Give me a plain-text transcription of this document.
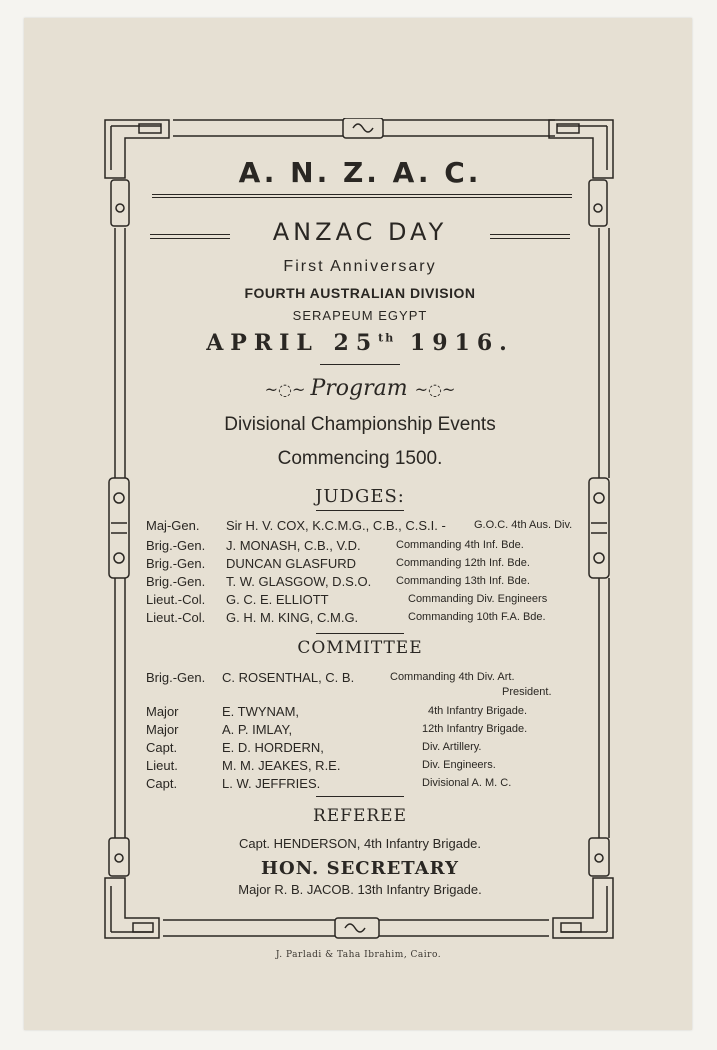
A. N. Z. A. C.
ANZAC DAY
First Anniversary
FOURTH AUSTRALIAN DIVISION
SERAPEUM EGYPT
APRIL 25th 1916.
~◌~ Program ~◌~
Divisional Championship Events
Commencing 1500.
JUDGES:
Maj-Gen. Sir H. V. COX, K.C.M.G., C.B., C.S.I. -	G.O.C. 4th Aus. Div.
Brig.-Gen. J. MONASH, C.B., V.D.	Commanding 4th Inf. Bde.
Brig.-Gen. DUNCAN GLASFURD	Commanding 12th Inf. Bde.
Brig.-Gen. T. W. GLASGOW, D.S.O. Commanding 13th Inf. Bde.
Lieut.-Col. G. C. E. ELLIOTT	Commanding Div. Engineers
Lieut.-Col. G. H. M. KING, C.M.G.	Commanding 10th F.A. Bde.
COMMITTEE
Brig.-Gen. C. ROSENTHAL, C. B.	Commanding 4th Div. Art.
President.
Major	E. TWYNAM,	4th Infantry Brigade.
Major	A. P. IMLAY,	12th Infantry Brigade.
Capt.	E. D. HORDERN,	Div. Artillery.
Lieut.	M. M. JEAKES, R.E.	Div. Engineers.
Capt.	L. W. JEFFRIES.	Divisional A. M. C.
REFEREE
Capt. HENDERSON, 4th Infantry Brigade.
HON. SECRETARY
Major R. B. JACOB. 13th Infantry Brigade.
J. Parladi & Taha Ibrahim, Cairo.
